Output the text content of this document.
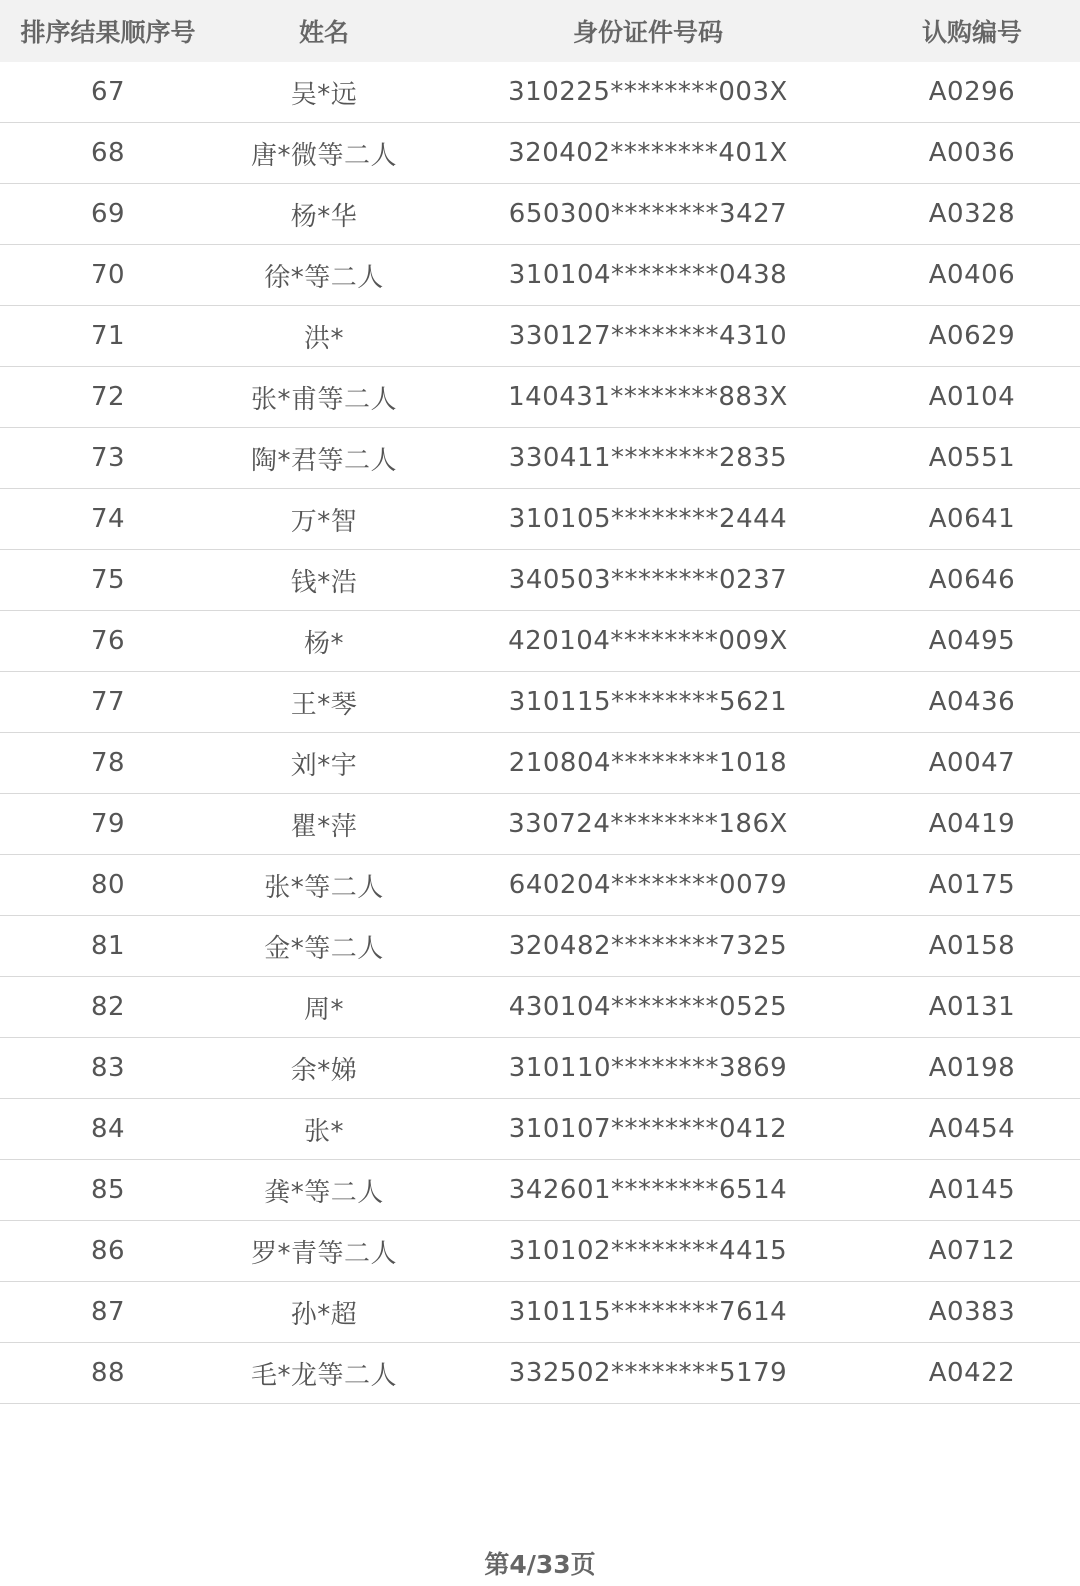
排序结果顺序号	姓名	身份证件号码	认购编号
67	吴*远	310225********003X	A0296
68	唐*微等二人	320402********401X	A0036
69	杨*华	650300********3427	A0328
70	徐*等二人	310104********0438	A0406
71	洪*	330127********4310	A0629
72	张*甫等二人	140431********883X	A0104
73	陶*君等二人	330411********2835	A0551
74	万*智	310105********2444	A0641
75	钱*浩	340503********0237	A0646
76	杨*	420104********009X	A0495
77	王*琴	310115********5621	A0436
78	刘*宇	210804********1018	A0047
79	瞿*萍	330724********186X	A0419
80	张*等二人	640204********0079	A0175
81	金*等二人	320482********7325	A0158
82	周*	430104********0525	A0131
83	余*娣	310110********3869	A0198
84	张*	310107********0412	A0454
85	龚*等二人	342601********6514	A0145
86	罗*青等二人	310102********4415	A0712
87	孙*超	310115********7614	A0383
88	毛*龙等二人	332502********5179	A0422
第4/33页
